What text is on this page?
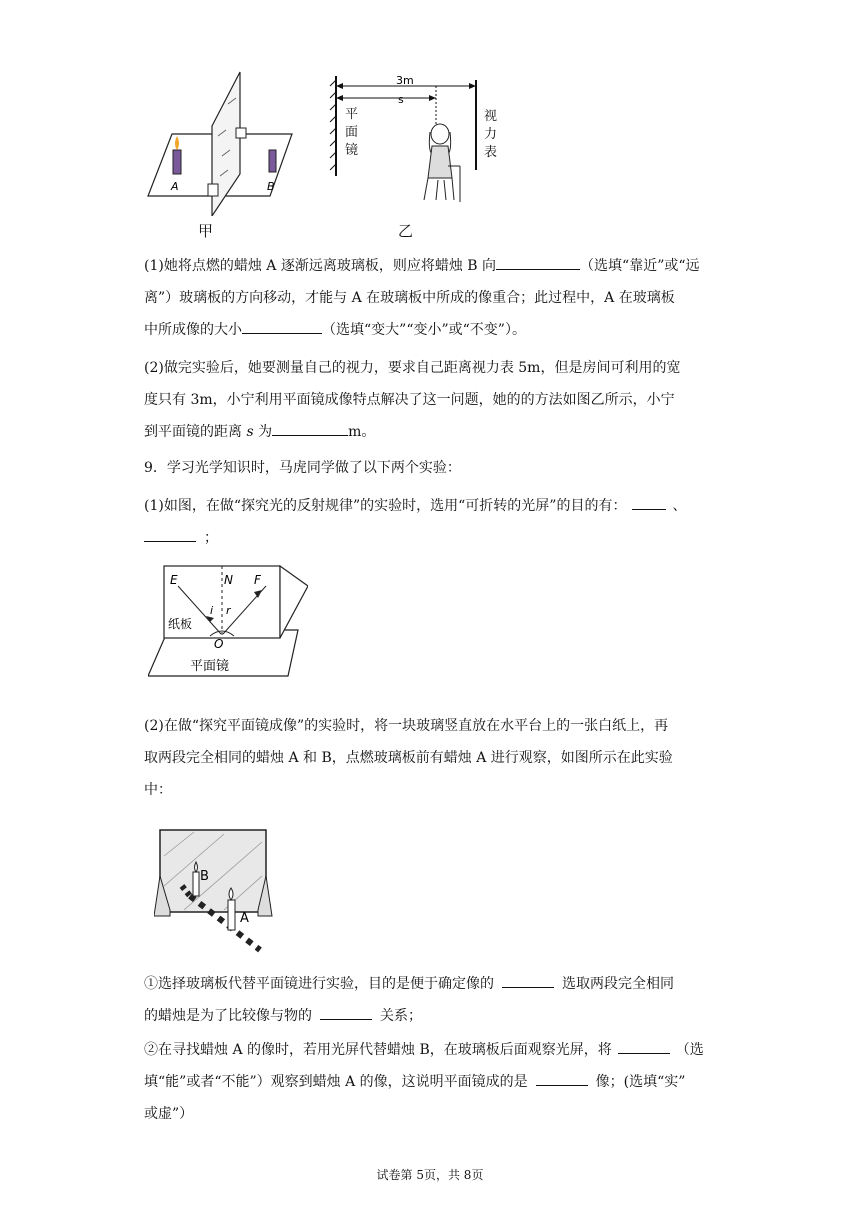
A	B
甲
3m
s
平面镜
视力表
乙
(1)她将点燃的蜡烛 A 逐渐远离玻璃板，则应将蜡烛 B 向	（选填“靠近”或“远
离”）玻璃板的方向移动，才能与 A 在玻璃板中所成的像重合；此过程中，A 在玻璃板
中所成像的大小	（选填“变大”“变小”或“不变”）。
(2)做完实验后，她要测量自己的视力，要求自己距离视力表 5m，但是房间可利用的宽
度只有 3m，小宁利用平面镜成像特点解决了这一问题，她的的方法如图乙所示，小宁
到平面镜的距离 s 为	m。
9．学习光学知识时，马虎同学做了以下两个实验：
(1)如图，在做“探究光的反射规律”的实验时，选用“可折转的光屏”的目的有：	、
；
E	N F
i r
O
纸板
平面镜
(2)在做“探究平面镜成像”的实验时，将一块玻璃竖直放在水平台上的一张白纸上，再
取两段完全相同的蜡烛 A 和 B，点燃玻璃板前有蜡烛 A 进行观察，如图所示在此实验
中：
B
A
①选择玻璃板代替平面镜进行实验，目的是便于确定像的	选取两段完全相同
的蜡烛是为了比较像与物的	关系；
②在寻找蜡烛 A 的像时，若用光屏代替蜡烛 B，在玻璃板后面观察光屏，将	（选
填“能”或者“不能”）观察到蜡烛 A 的像，这说明平面镜成的是	像；(选填“实”
或虚”）
试卷第 5页，共 8页
